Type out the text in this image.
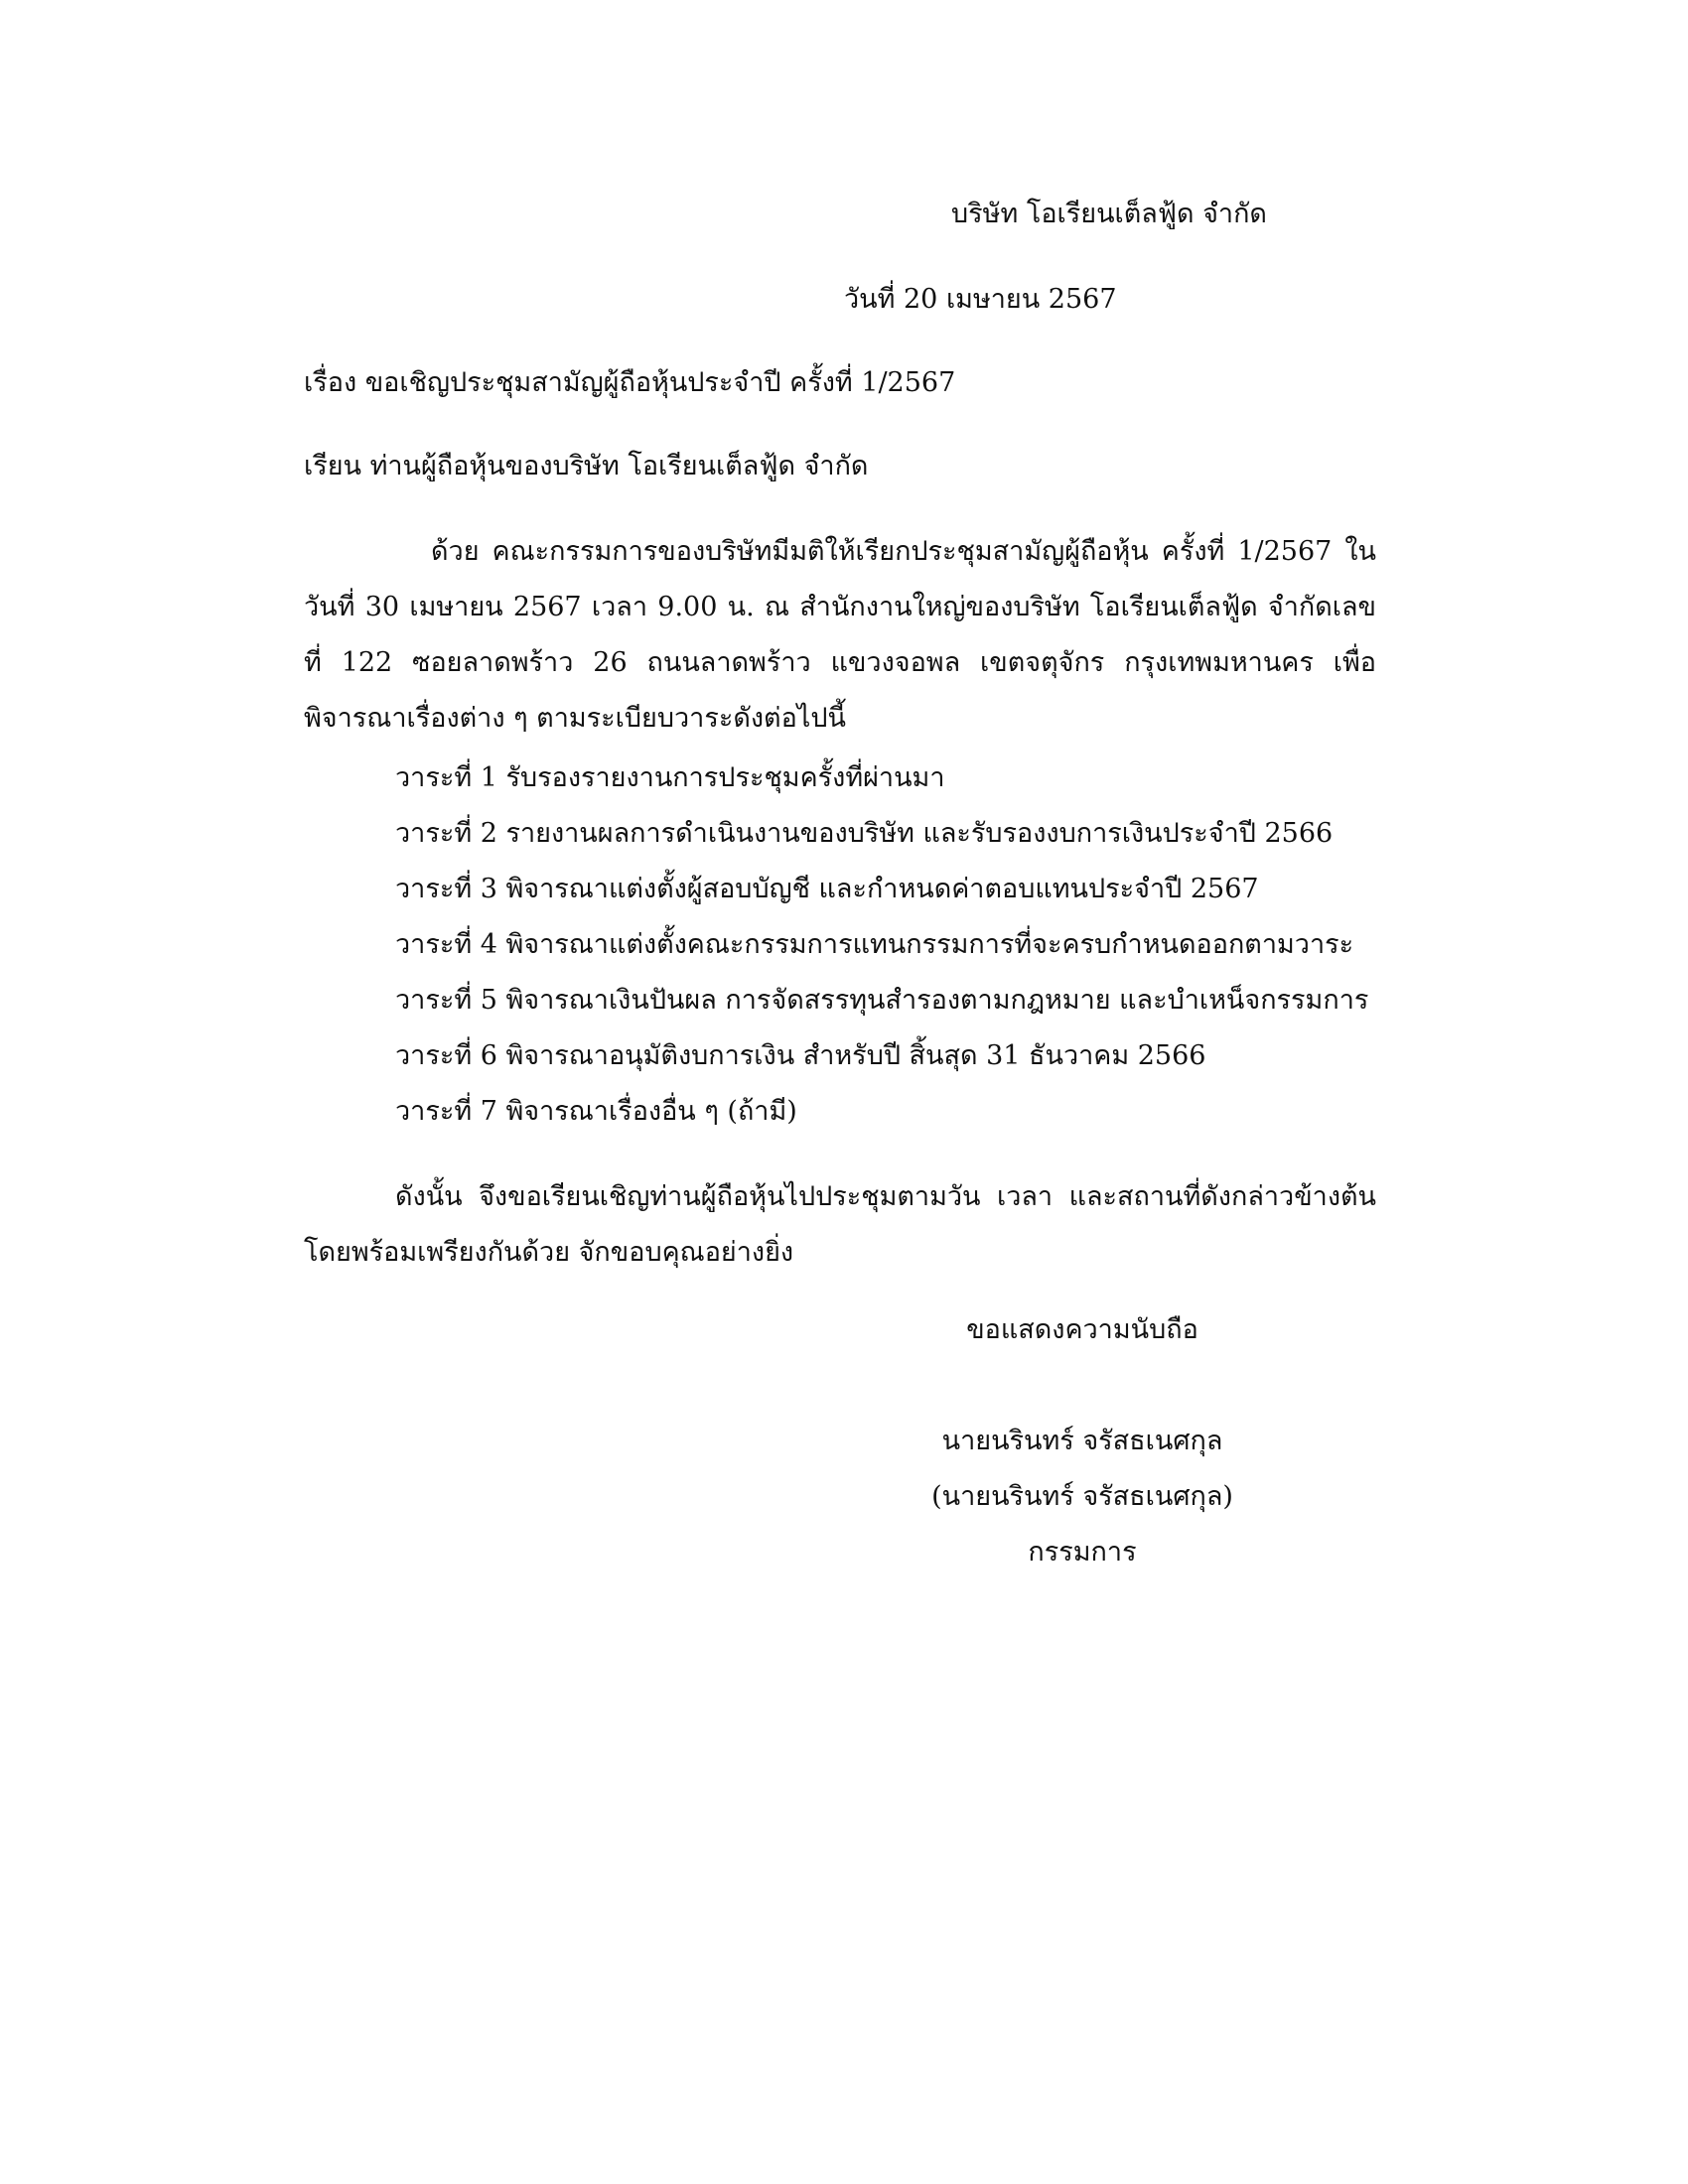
บริษัท โอเรียนเต็ลฟู้ด จำกัด
วันที่ 20 เมษายน 2567
เรื่อง ขอเชิญประชุมสามัญผู้ถือหุ้นประจำปี ครั้งที่ 1/2567
เรียน ท่านผู้ถือหุ้นของบริษัท โอเรียนเต็ลฟู้ด จำกัด

ด้วย คณะกรรมการของบริษัทมีมติให้เรียกประชุมสามัญผู้ถือหุ้น ครั้งที่ 1/2567 ในวันที่ 30 เมษายน 2567 เวลา 9.00 น. ณ สำนักงานใหญ่ของบริษัท โอเรียนเต็ลฟู้ด จำกัดเลขที่ 122 ซอยลาดพร้าว 26 ถนนลาดพร้าว แขวงจอพล เขตจตุจักร กรุงเทพมหานคร เพื่อพิจารณาเรื่องต่าง ๆ ตามระเบียบวาระดังต่อไปนี้

วาระที่ 1 รับรองรายงานการประชุมครั้งที่ผ่านมา
วาระที่ 2 รายงานผลการดำเนินงานของบริษัท และรับรองงบการเงินประจำปี 2566
วาระที่ 3 พิจารณาแต่งตั้งผู้สอบบัญชี และกำหนดค่าตอบแทนประจำปี 2567
วาระที่ 4 พิจารณาแต่งตั้งคณะกรรมการแทนกรรมการที่จะครบกำหนดออกตามวาระ
วาระที่ 5 พิจารณาเงินปันผล การจัดสรรทุนสำรองตามกฎหมาย และบำเหน็จกรรมการ
วาระที่ 6 พิจารณาอนุมัติงบการเงิน สำหรับปี สิ้นสุด 31 ธันวาคม 2566
วาระที่ 7 พิจารณาเรื่องอื่น ๆ (ถ้ามี)

ดังนั้น จึงขอเรียนเชิญท่านผู้ถือหุ้นไปประชุมตามวัน เวลา และสถานที่ดังกล่าวข้างต้นโดยพร้อมเพรียงกันด้วย จักขอบคุณอย่างยิ่ง

ขอแสดงความนับถือ
นายนรินทร์ จรัสธเนศกุล
(นายนรินทร์ จรัสธเนศกุล)
กรรมการ
